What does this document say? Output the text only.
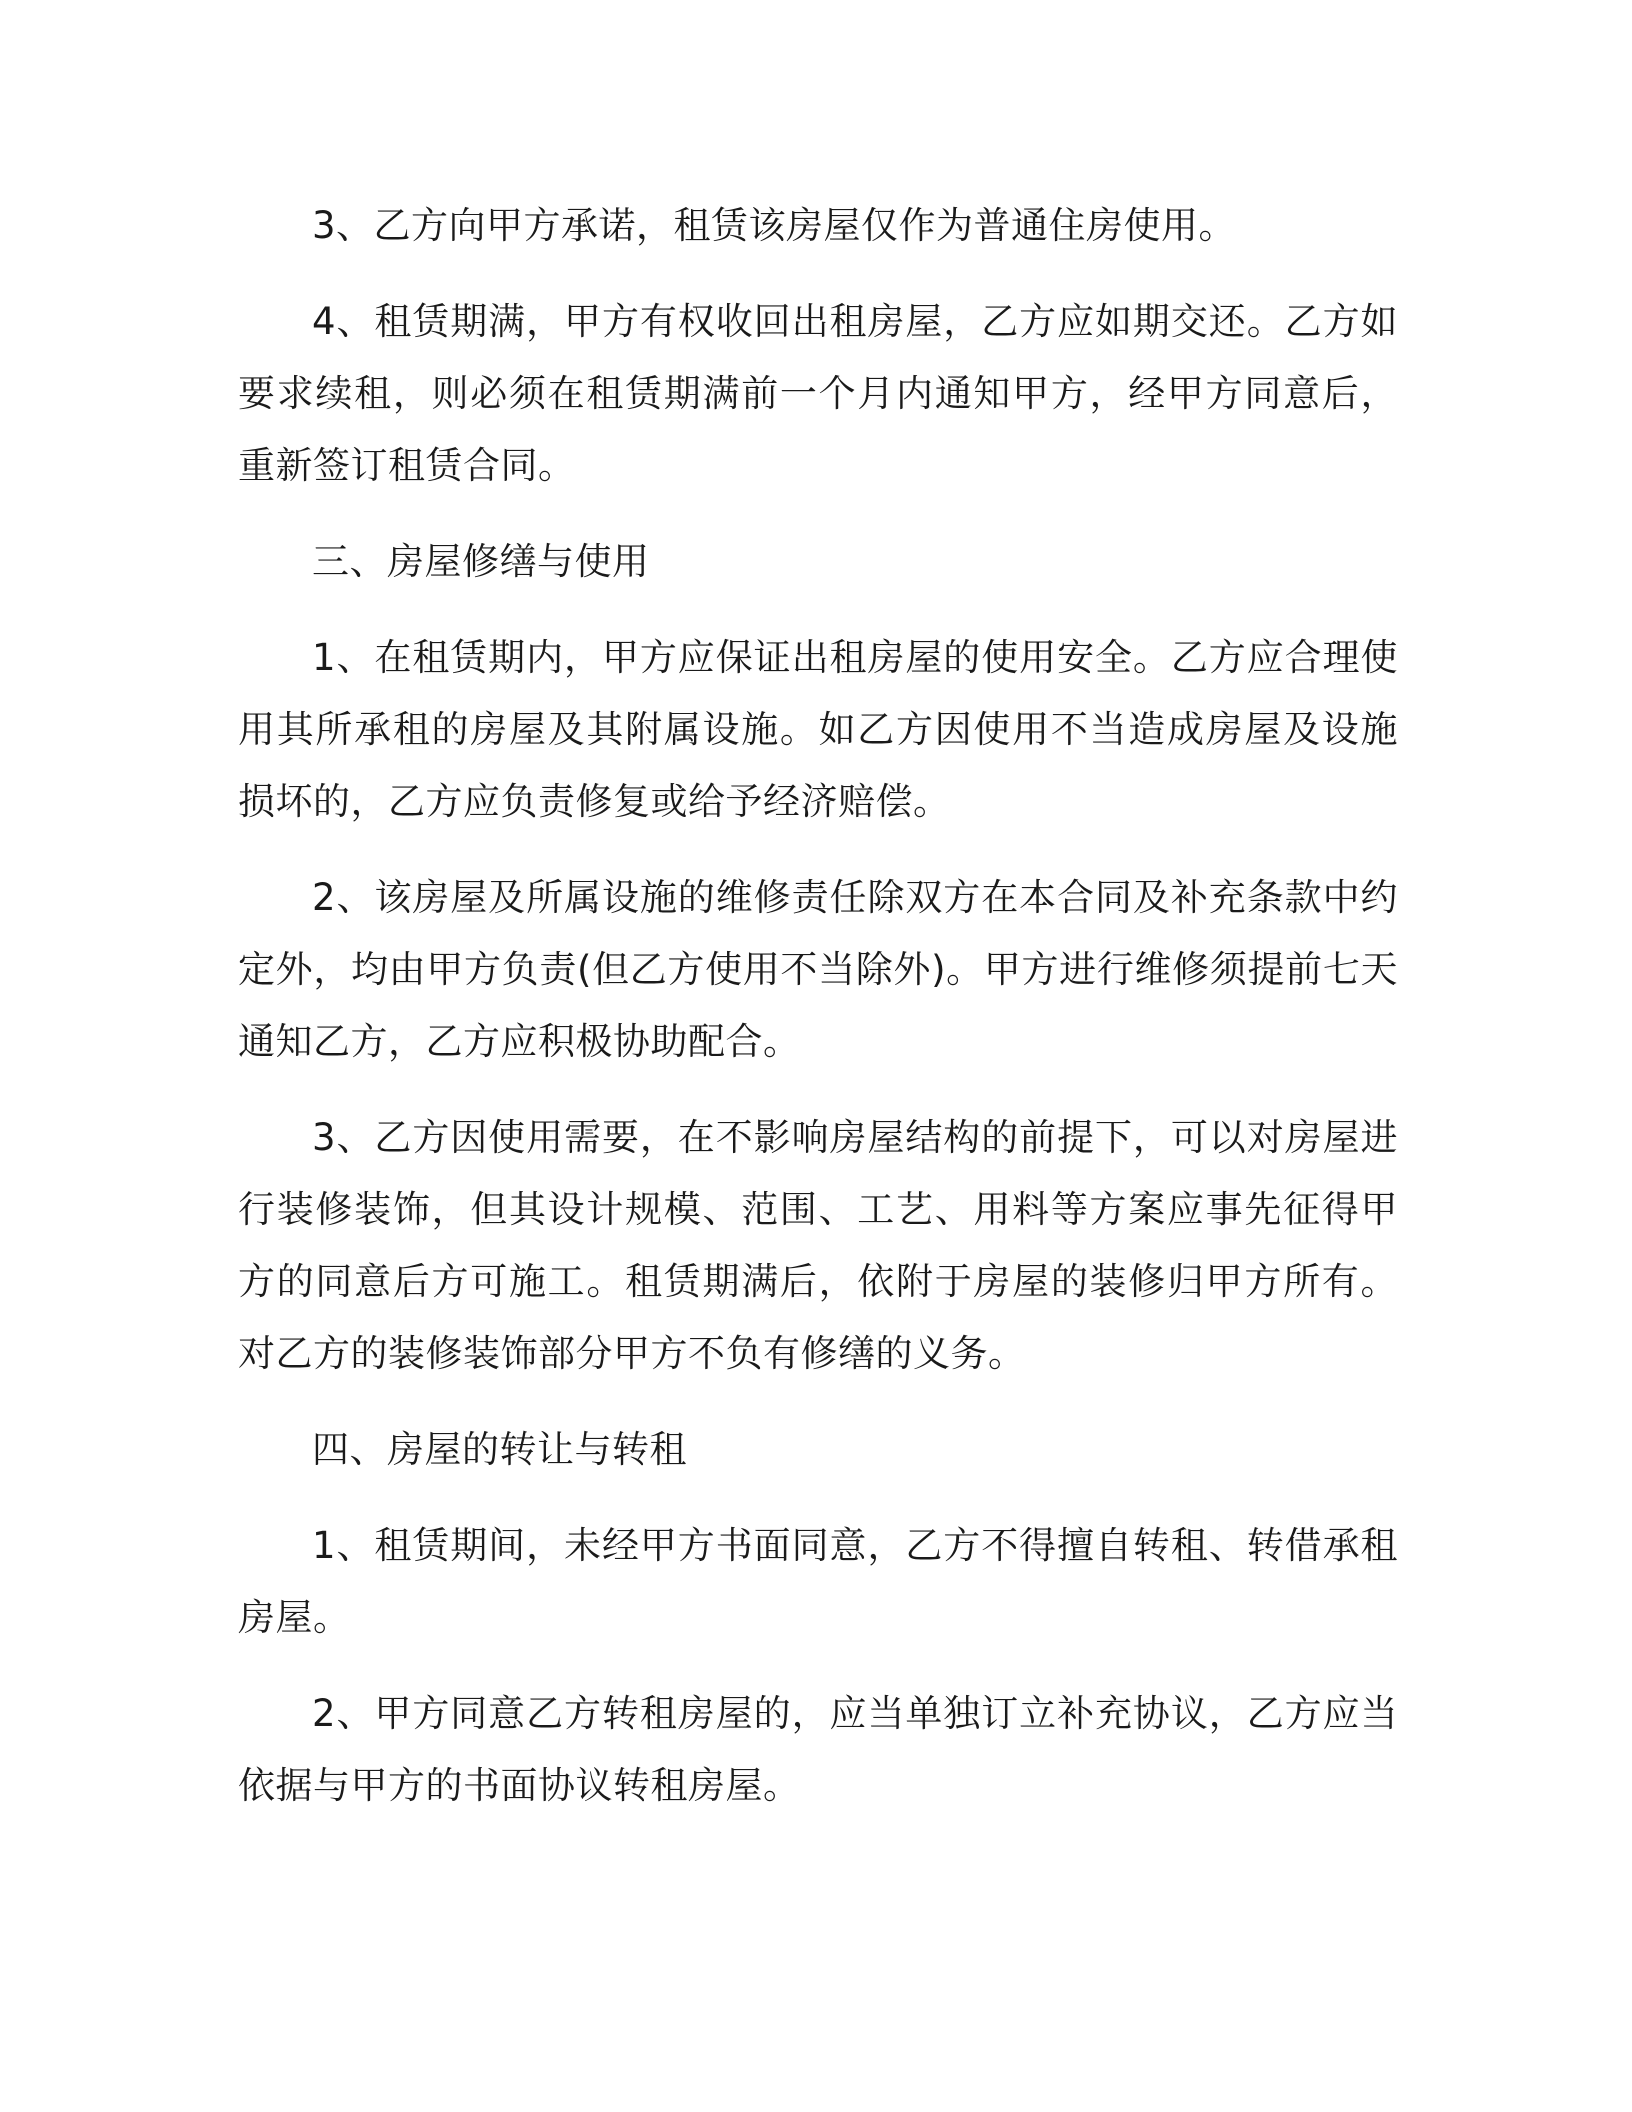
3、乙方向甲方承诺，租赁该房屋仅作为普通住房使用。

4、租赁期满，甲方有权收回出租房屋，乙方应如期交还。乙方如要求续租，则必须在租赁期满前一个月内通知甲方，经甲方同意后，重新签订租赁合同。

三、房屋修缮与使用

1、在租赁期内，甲方应保证出租房屋的使用安全。乙方应合理使用其所承租的房屋及其附属设施。如乙方因使用不当造成房屋及设施损坏的，乙方应负责修复或给予经济赔偿。

2、该房屋及所属设施的维修责任除双方在本合同及补充条款中约定外，均由甲方负责(但乙方使用不当除外)。甲方进行维修须提前七天通知乙方，乙方应积极协助配合。

3、乙方因使用需要，在不影响房屋结构的前提下，可以对房屋进行装修装饰，但其设计规模、范围、工艺、用料等方案应事先征得甲方的同意后方可施工。租赁期满后，依附于房屋的装修归甲方所有。对乙方的装修装饰部分甲方不负有修缮的义务。

四、房屋的转让与转租

1、租赁期间，未经甲方书面同意，乙方不得擅自转租、转借承租房屋。

2、甲方同意乙方转租房屋的，应当单独订立补充协议，乙方应当依据与甲方的书面协议转租房屋。
